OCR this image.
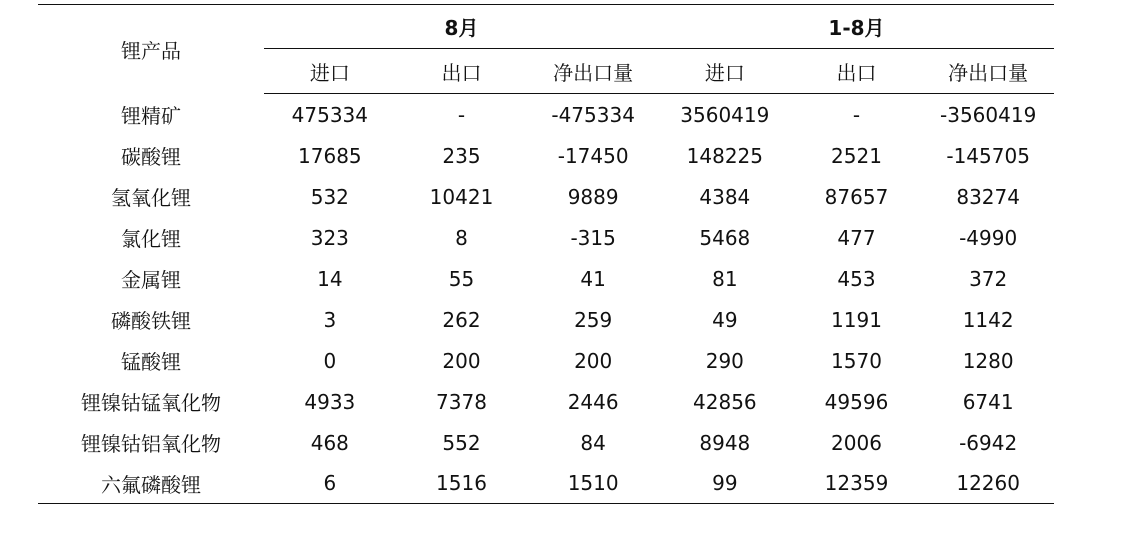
锂产品	8月			1-8月		
	进口	出口	净出口量	进口	出口	净出口量
锂精矿	475334	-	-475334	3560419	-	-3560419
碳酸锂	17685	235	-17450	148225	2521	-145705
氢氧化锂	532	10421	9889	4384	87657	83274
氯化锂	323	8	-315	5468	477	-4990
金属锂	14	55	41	81	453	372
磷酸铁锂	3	262	259	49	1191	1142
锰酸锂	0	200	200	290	1570	1280
锂镍钴锰氧化物	4933	7378	2446	42856	49596	6741
锂镍钴铝氧化物	468	552	84	8948	2006	-6942
六氟磷酸锂	6	1516	1510	99	12359	12260
